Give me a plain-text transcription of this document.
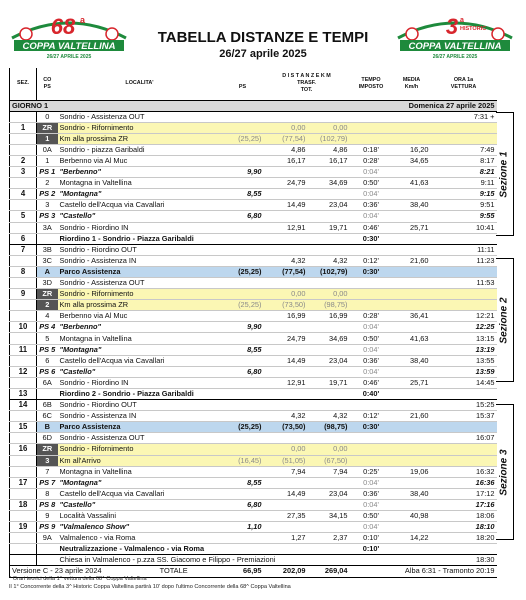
68 a
COPPA VALTELLINA
26/27 APRILE 2025
TABELLA DISTANZE E TEMPI
26/27 aprile 2025
3 a
HISTORIC
COPPA VALTELLINA
26/27 APRILE 2025
SEZ.	CO
PS	LOCALITA'	PS	D I S T A N Z E K M
TRASF.TOT.		TEMPO
IMPOSTO	MEDIA
Km/h	ORA 1a
VETTURA
GIORNO 1						Domenica 27 aprile 2025		
	0	Sondrio - Assistenza OUT						7:31 +
1	ZR	Sondrio - Rifornimento		0,00	0,00			
	1	Km alla prossima ZR	(25,25)	(77,54)	(102,79)			
	0A	Sondrio - piazza Garibaldi		4,86	4,86	0:18'	16,20	7:49
2	1	Berbenno via Al Muc		16,17	16,17	0:28'	34,65	8:17
3	PS 1	"Berbenno"	9,90			0:04'		8:21
	2	Montagna in Valtellina		24,79	34,69	0:50'	41,63	9:11
4	PS 2	"Montagna"	8,55			0:04'		9:15
	3	Castello dell'Acqua via Cavallari		14,49	23,04	0:36'	38,40	9:51
5	PS 3	"Castello"	6,80			0:04'		9:55
	3A	Sondrio - Riordino IN		12,91	19,71	0:46'	25,71	10:41
6		Riordino 1 - Sondrio - Piazza Garibaldi				0:30'		
7	3B	Sondrio - Riordino OUT						11:11
	3C	Sondrio - Assistenza IN		4,32	4,32	0:12'	21,60	11:23
8	A	Parco Assistenza	(25,25)	(77,54)	(102,79)	0:30'		
	3D	Sondrio - Assistenza OUT						11:53
9	ZR	Sondrio - Rifornimento		0,00	0,00			
	2	Km alla prossima ZR	(25,25)	(73,50)	(98,75)			
	4	Berbenno via Al Muc		16,99	16,99	0:28'	36,41	12:21
10	PS 4	"Berbenno"	9,90			0:04'		12:25
	5	Montagna in Valtellina		24,79	34,69	0:50'	41,63	13:15
11	PS 5	"Montagna"	8,55			0:04'		13:19
	6	Castello dell'Acqua via Cavallari		14,49	23,04	0:36'	38,40	13:55
12	PS 6	"Castello"	6,80			0:04'		13:59
	6A	Sondrio - Riordino IN		12,91	19,71	0:46'	25,71	14:45
13		Riordino 2 - Sondrio - Piazza Garibaldi				0:40'		
14	6B	Sondrio - Riordino OUT						15:25
	6C	Sondrio - Assistenza IN		4,32	4,32	0:12'	21,60	15:37
15	B	Parco Assistenza	(25,25)	(73,50)	(98,75)	0:30'		
	6D	Sondrio - Assistenza OUT						16:07
16	ZR	Sondrio - Rifornimento		0,00	0,00			
	3	Km all'Arrivo	(16,45)	(51,05)	(67,50)			
	7	Montagna in Valtellina		7,94	7,94	0:25'	19,06	16:32
17	PS 7	"Montagna"	8,55			0:04'		16:36
	8	Castello dell'Acqua via Cavallari		14,49	23,04	0:36'	38,40	17:12
18	PS 8	"Castello"	6,80			0:04'		17:16
	9	Località Vassalini		27,35	34,15	0:50'	40,98	18:06
19	PS 9	"Valmalenco Show"	1,10			0:04'		18:10
	9A	Valmalenco - via Roma		1,27	2,37	0:10'	14,22	18:20
		Neutralizzazione - Valmalenco - via Roma				0:10'		
		Chiesa in Valmalenco - p.zza SS. Giacomo e Filippo - Premiazioni						18:30
Versione C - 23 aprile 2024 TOTALE			66,95	202,09	269,04	Alba 6:31 - Tramonto 20:19		
Sezione 1
Sezione 2
Sezione 3
* Orari teorici della 1^ vettura della 68^ Coppa Valtellina
Il 1° Concorrente della 3^ Historic Coppa Valtellina partirà 10' dopo l'ultimo Concorrente della 68^ Coppa Valtellina
